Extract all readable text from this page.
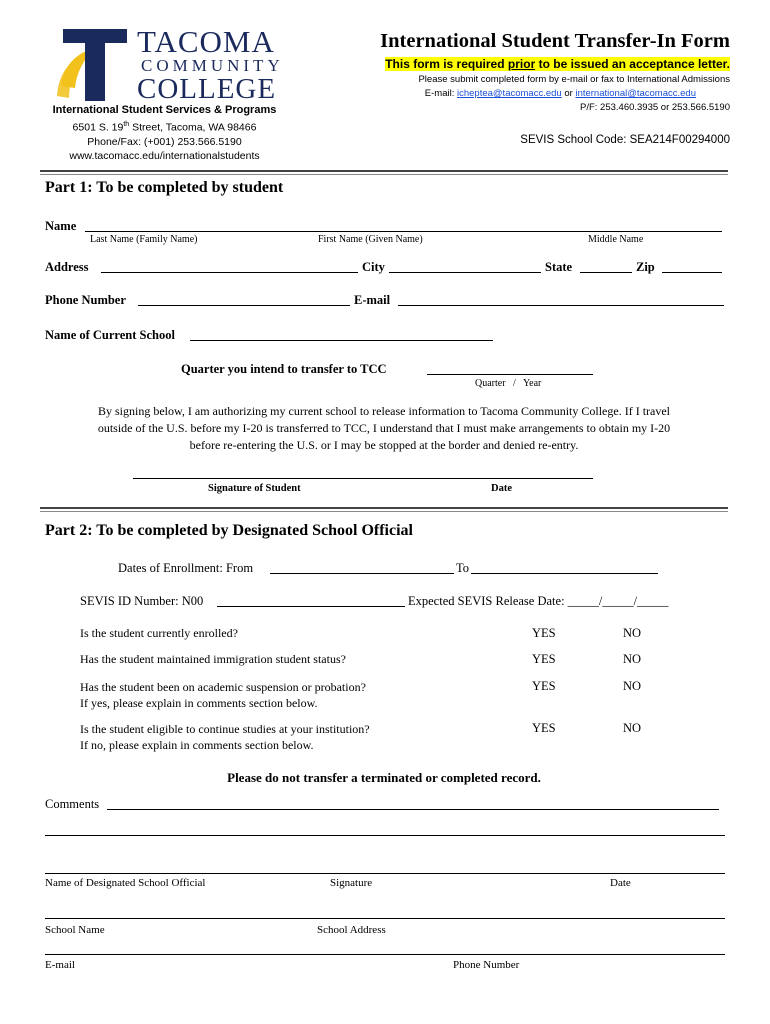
TACOMA
COMMUNITY
COLLEGE
International Student Services & Programs
6501 S. 19th Street, Tacoma, WA 98466
Phone/Fax: (+001) 253.566.5190
www.tacomacc.edu/internationalstudents
International Student Transfer-In Form
This form is required prior to be issued an acceptance letter.
Please submit completed form by e-mail or fax to International Admissions
E-mail: icheptea@tacomacc.edu or international@tacomacc.edu
P/F: 253.460.3935 or 253.566.5190
SEVIS School Code: SEA214F00294000
Part 1: To be completed by student
Name
Last Name (Family Name)	First Name (Given Name)	Middle Name
Address	City	State	Zip
Phone Number	E-mail
Name of Current School
Quarter you intend to transfer to TCC
Quarter   /   Year
By signing below, I am authorizing my current school to release information to Tacoma Community College. If I travel
outside of the U.S. before my I-20 is transferred to TCC, I understand that I must make arrangements to obtain my I-20
before re-entering the U.S. or I may be stopped at the border and denied re-entry.
Signature of Student	Date
Part 2: To be completed by Designated School Official
Dates of Enrollment: From	To
SEVIS ID Number: N00	Expected SEVIS Release Date: _____/_____/_____
Is the student currently enrolled?	YES	NO
Has the student maintained immigration student status?	YES	NO
Has the student been on academic suspension or probation?
If yes, please explain in comments section below.
YES	NO
Is the student eligible to continue studies at your institution?
If no, please explain in comments section below.
YES	NO
Please do not transfer a terminated or completed record.
Comments
Name of Designated School Official	Signature	Date
School Name	School Address
E-mail	Phone Number
